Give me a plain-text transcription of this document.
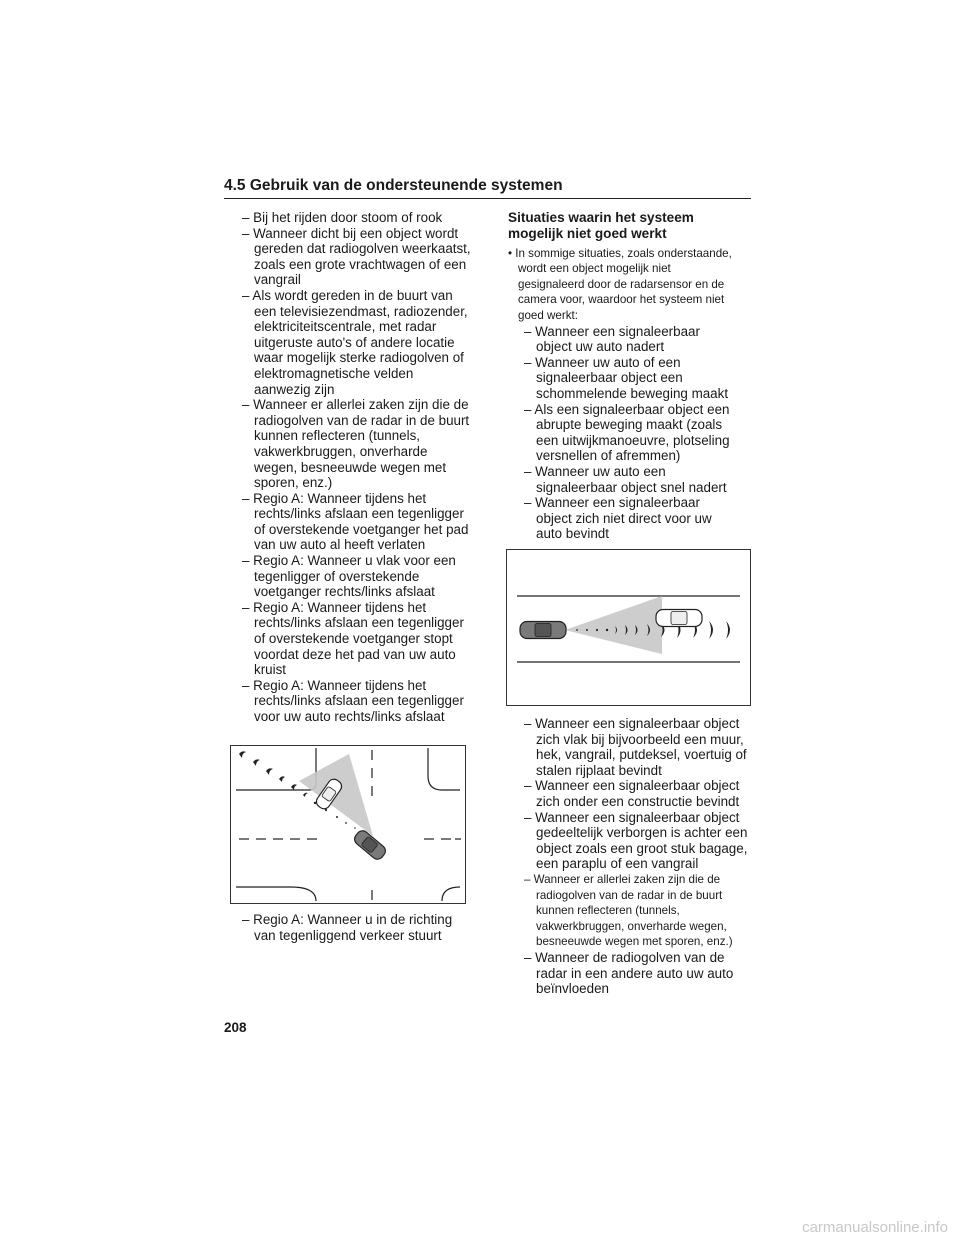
4.5 Gebruik van de ondersteunende systemen

– Bij het rijden door stoom of rook

– Wanneer dicht bij een object wordt gereden dat radiogolven weerkaatst, zoals een grote vrachtwagen of een vangrail

– Als wordt gereden in de buurt van een televisiezendmast, radiozender, elektriciteitscentrale, met radar uitgeruste auto's of andere locatie waar mogelijk sterke radiogolven of elektromagnetische velden aanwezig zijn

– Wanneer er allerlei zaken zijn die de radiogolven van de radar in de buurt kunnen reflecteren (tunnels, vakwerkbruggen, onverharde wegen, besneeuwde wegen met sporen, enz.)

– Regio A: Wanneer tijdens het rechts/links afslaan een tegenligger of overstekende voetganger het pad van uw auto al heeft verlaten

– Regio A: Wanneer u vlak voor een tegenligger of overstekende voetganger rechts/links afslaat

– Regio A: Wanneer tijdens het rechts/links afslaan een tegenligger of overstekende voetganger stopt voordat deze het pad van uw auto kruist

– Regio A: Wanneer tijdens het rechts/links afslaan een tegenligger voor uw auto rechts/links afslaat

– Regio A: Wanneer u in de richting van tegenliggend verkeer stuurt

Situaties waarin het systeem mogelijk niet goed werkt

• In sommige situaties, zoals onderstaande, wordt een object mogelijk niet gesignaleerd door de radarsensor en de camera voor, waardoor het systeem niet goed werkt:

– Wanneer een signaleerbaar object uw auto nadert

– Wanneer uw auto of een signaleerbaar object een schommelende beweging maakt

– Als een signaleerbaar object een abrupte beweging maakt (zoals een uitwijkmanoeuvre, plotseling versnellen of afremmen)

– Wanneer uw auto een signaleerbaar object snel nadert

– Wanneer een signaleerbaar object zich niet direct voor uw auto bevindt

– Wanneer een signaleerbaar object zich vlak bij bijvoorbeeld een muur, hek, vangrail, putdeksel, voertuig of stalen rijplaat bevindt

– Wanneer een signaleerbaar object zich onder een constructie bevindt

– Wanneer een signaleerbaar object gedeeltelijk verborgen is achter een object zoals een groot stuk bagage, een paraplu of een vangrail

– Wanneer er allerlei zaken zijn die de radiogolven van de radar in de buurt kunnen reflecteren (tunnels, vakwerkbruggen, onverharde wegen, besneeuwde wegen met sporen, enz.)

– Wanneer de radiogolven van de radar in een andere auto uw auto beïnvloeden

208
carmanualsonline.info
